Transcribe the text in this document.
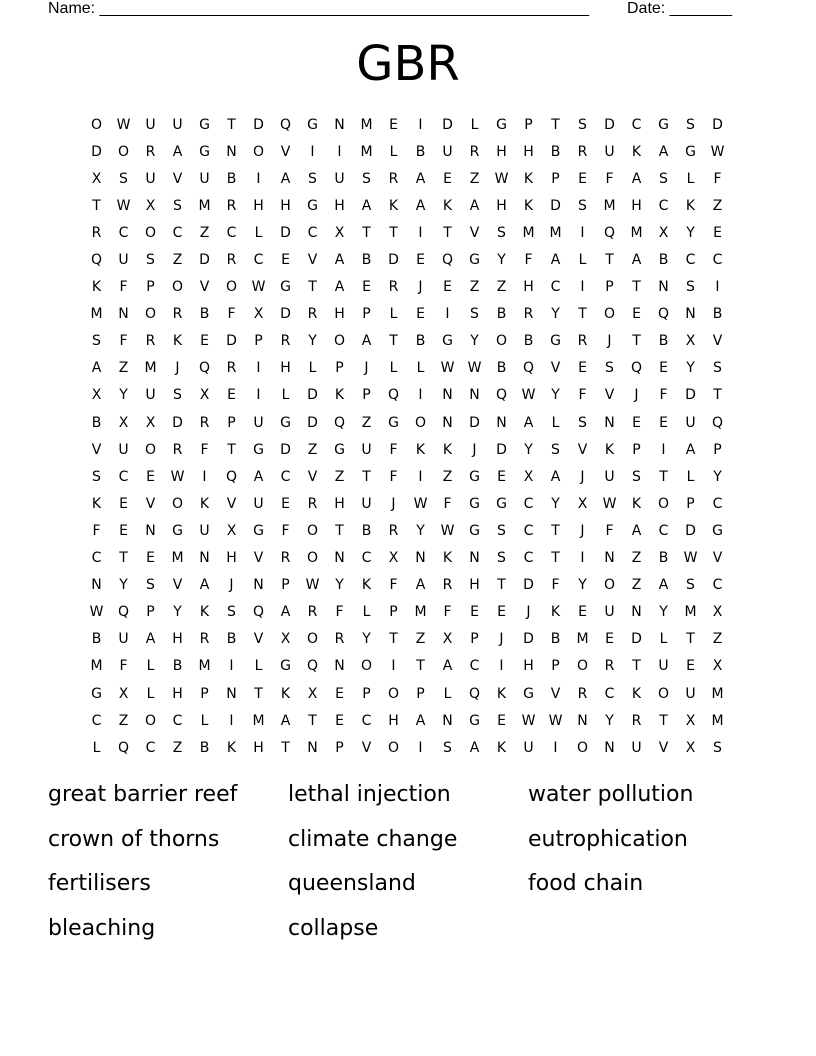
Name: _______________________________________________________ Date: _______
GBR
O	W	U	U	G	T	D	Q	G	N	M	E	I	D	L	G	P	T	S	D	C	G	S	D
D	O	R	A	G	N	O	V	I	I	M	L	B	U	R	H	H	B	R	U	K	A	G	W
X	S	U	V	U	B	I	A	S	U	S	R	A	E	Z	W	K	P	E	F	A	S	L	F
T	W	X	S	M	R	H	H	G	H	A	K	A	K	A	H	K	D	S	M	H	C	K	Z
R	C	O	C	Z	C	L	D	C	X	T	T	I	T	V	S	M	M	I	Q	M	X	Y	E
Q	U	S	Z	D	R	C	E	V	A	B	D	E	Q	G	Y	F	A	L	T	A	B	C	C
K	F	P	O	V	O	W	G	T	A	E	R	J	E	Z	Z	H	C	I	P	T	N	S	I
M	N	O	R	B	F	X	D	R	H	P	L	E	I	S	B	R	Y	T	O	E	Q	N	B
S	F	R	K	E	D	P	R	Y	O	A	T	B	G	Y	O	B	G	R	J	T	B	X	V
A	Z	M	J	Q	R	I	H	L	P	J	L	L	W W	B	Q	V	E	S	Q	E	Y	S
X	Y	U	S	X	E	I	L	D	K	P	Q	I	N	N	Q	W	Y	F	V	J	F	D	T
B	X	X	D	R	P	U	G	D	Q	Z	G	O	N	D	N	A	L	S	N	E	E	U	Q
V	U	O	R	F	T	G	D	Z	G	U	F	K	K	J	D	Y	S	V	K	P	I	A	P
S	C	E	W	I	Q	A	C	V	Z	T	F	I	Z	G	E	X	A	J	U	S	T	L	Y
K	E	V	O	K	V	U	E	R	H	U	J	W	F	G	G	C	Y	X	W	K	O	P	C
F	E	N	G	U	X	G	F	O	T	B	R	Y	W	G	S	C	T	J	F	A	C	D	G
C	T	E	M	N	H	V	R	O	N	C	X	N	K	N	S	C	T	I	N	Z	B	W	V
N	Y	S	V	A	J	N	P	W	Y	K	F	A	R	H	T	D	F	Y	O	Z	A	S	C
W	Q	P	Y	K	S	Q	A	R	F	L	P	M	F	E	E	J	K	E	U	N	Y	M	X
B	U	A	H	R	B	V	X	O	R	Y	T	Z	X	P	J	D	B	M	E	D	L	T	Z
M	F	L	B	M	I	L	G	Q	N	O	I	T	A	C	I	H	P	O	R	T	U	E	X
G	X	L	H	P	N	T	K	X	E	P	O	P	L	Q	K	G	V	R	C	K	O	U	M
C	Z	O	C	L	I	M	A	T	E	C	H	A	N	G	E	W W	N	Y	R	T	X	M
L	Q	C	Z	B	K	H	T	N	P	V	O	I	S	A	K	U	I	O	N	U	V	X	S
great barrier reef	lethal injection	water pollution
crown of thorns	climate change	eutrophication
fertilisers	queensland	food chain
bleaching	collapse
